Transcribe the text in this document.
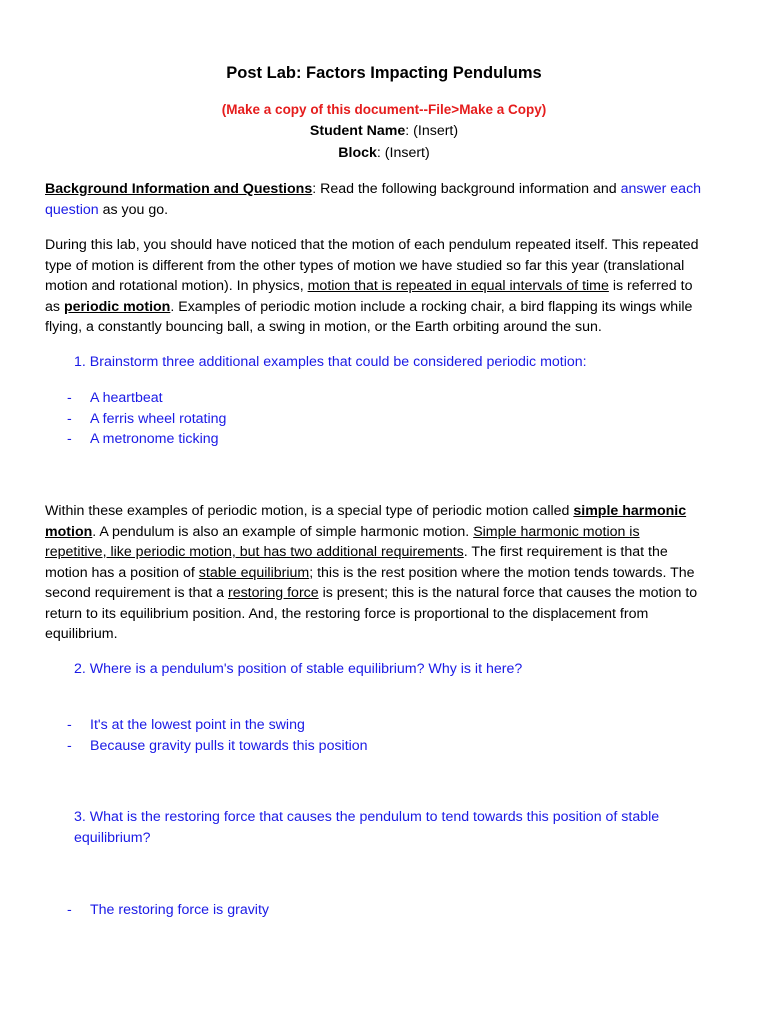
Post Lab: Factors Impacting Pendulums
(Make a copy of this document--File>Make a Copy)
Student Name: (Insert)
Block: (Insert)
Background Information and Questions: Read the following background information and answer each
question as you go.
During this lab, you should have noticed that the motion of each pendulum repeated itself. This repeated
type of motion is different from the other types of motion we have studied so far this year (translational
motion and rotational motion). In physics, motion that is repeated in equal intervals of time is referred to
as periodic motion. Examples of periodic motion include a rocking chair, a bird flapping its wings while
flying, a constantly bouncing ball, a swing in motion, or the Earth orbiting around the sun.
1. Brainstorm three additional examples that could be considered periodic motion:
- A heartbeat
- A ferris wheel rotating
- A metronome ticking
Within these examples of periodic motion, is a special type of periodic motion called simple harmonic
motion. A pendulum is also an example of simple harmonic motion. Simple harmonic motion is
repetitive, like periodic motion, but has two additional requirements. The first requirement is that the
motion has a position of stable equilibrium; this is the rest position where the motion tends towards. The
second requirement is that a restoring force is present; this is the natural force that causes the motion to
return to its equilibrium position. And, the restoring force is proportional to the displacement from
equilibrium.
2. Where is a pendulum's position of stable equilibrium? Why is it here?
- It's at the lowest point in the swing
- Because gravity pulls it towards this position
3. What is the restoring force that causes the pendulum to tend towards this position of stable
equilibrium?
- The restoring force is gravity
